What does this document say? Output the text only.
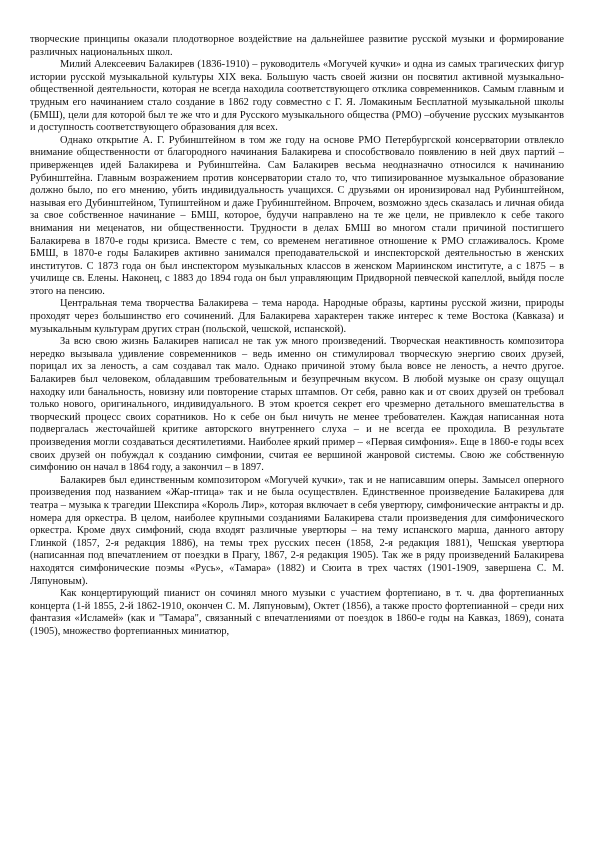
творческие принципы оказали плодотворное воздействие на дальнейшее развитие русской музыки и формирование различных национальных школ.

Милий Алексеевич Балакирев (1836-1910) – руководитель «Могучей кучки» и одна из самых трагических фигур истории русской музыкальной культуры XIX века. Большую часть своей жизни он посвятил активной музыкально-общественной деятельности, которая не всегда находила соответствующего отклика современников. Самым главным и трудным его начинанием стало создание в 1862 году совместно с Г. Я. Ломакиным Бесплатной музыкальной школы (БМШ), цели для которой был те же что и для Русского музыкального общества (РМО) –обучение русских музыкантов и доступность соответствующего образования для всех.

Однако открытие А. Г. Рубинштейном в том же году на основе РМО Петербургской консерватории отвлекло внимание общественности от благородного начинания Балакирева и способствовало появлению в ней двух партий – приверженцев идей Балакирева и Рубинштейна. Сам Балакирев весьма неодназначно относился к начинанию Рубинштейна. Главным возражением против консерватории стало то, что типизированное музыкальное образование должно было, по его мнению, убить индивидуальность учащихся. С друзьями он иронизировал над Рубинштейном, называя его Дубинштейном, Тупиштейном и даже Грубинштейном. Впрочем, возможно здесь сказалась и личная обида за свое собственное начинание – БМШ, которое, будучи направлено на те же цели, не привлекло к себе такого внимания ни меценатов, ни общественности. Трудности в делах БМШ во многом стали причиной постигшего Балакирева в 1870-е годы кризиса. Вместе с тем, со временем негативное отношение к РМО сглаживалось. Кроме БМШ, в 1870-е годы Балакирев активно занимался преподавательской и инспекторской деятельностью в женских институтов. С 1873 года он был инспектором музыкальных классов в женском Мариинском институте, а с 1875 – в училище св. Елены. Наконец, с 1883 до 1894 года он был управляющим Придворной певческой капеллой, выйдя после этого на пенсию.

Центральная тема творчества Балакирева – тема народа. Народные образы, картины русской жизни, природы проходят через большинство его сочинений. Для Балакирева характерен также интерес к теме Востока (Кавказа) и музыкальным культурам других стран (польской, чешской, испанской).

За всю свою жизнь Балакирев написал не так уж много произведений. Творческая неактивность композитора нередко вызывала удивление современников – ведь именно он стимулировал творческую энергию своих друзей, порицал их за леность, а сам создавал так мало. Однако причиной этому была вовсе не леность, а нечто другое. Балакирев был человеком, обладавшим требовательным и безупречным вкусом. В любой музыке он сразу ощущал находку или банальность, новизну или повторение старых штампов. От себя, равно как и от своих друзей он требовал только нового, оригинального, индивидуального. В этом кроется секрет его чрезмерно детального вмешательства в творческий процесс своих соратников. Но к себе он был ничуть не менее требователен. Каждая написанная нота подвергалась жесточайшей критике авторского внутреннего слуха – и не всегда ее проходила. В результате произведения могли создаваться десятилетиями. Наиболее яркий пример – «Первая симфония». Еще в 1860-е годы всех своих друзей он побуждал к созданию симфонии, считая ее вершиной жанровой системы. Свою же собственную симфонию он начал в 1864 году, а закончил – в 1897.

Балакирев был единственным композитором «Могучей кучки», так и не написавшим оперы. Замысел оперного произведения под названием «Жар-птица» так и не была осуществлен. Единственное произведение Балакирева для театра – музыка к трагедии Шекспира «Король Лир», которая включает в себя увертюру, симфонические антракты и др. номера для оркестра. В целом, наиболее крупными созданиями Балакирева стали произведения для симфонического оркестра. Кроме двух симфоний, сюда входят различные увертюры – на тему испанского марша, данного автору Глинкой (1857, 2-я редакция 1886), на темы трех русских песен (1858, 2-я редакция 1881), Чешская увертюра (написанная под впечатлением от поездки в Прагу, 1867, 2-я редакция 1905). Так же в ряду произведений Балакирева находятся симфонические поэмы «Русь», «Тамара» (1882) и Сюита в трех частях (1901-1909, завершена С. М. Ляпуновым).

Как концертирующий пианист он сочинял много музыки с участием фортепиано, в т. ч. два фортепианных концерта (1-й 1855, 2-й 1862-1910, окончен С. М. Ляпуновым), Октет (1856), а также просто фортепианной – среди них фантазия «Исламей» (как и "Тамара", связанный с впечатлениями от поездок в 1860-е годы на Кавказ, 1869), соната (1905), множество фортепианных миниатюр,
